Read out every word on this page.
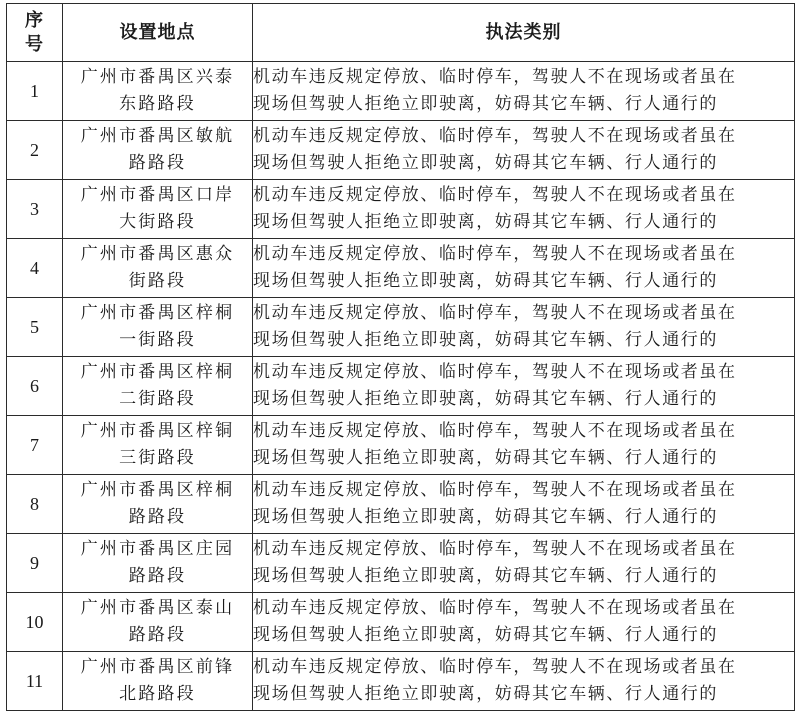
序
号	设置地点	执法类别
1	广州市番禺区兴泰
东路路段	机动车违反规定停放、临时停车，驾驶人不在现场或者虽在
现场但驾驶人拒绝立即驶离，妨碍其它车辆、行人通行的

2	广州市番禺区敏航
路路段	机动车违反规定停放、临时停车，驾驶人不在现场或者虽在
现场但驾驶人拒绝立即驶离，妨碍其它车辆、行人通行的

3	广州市番禺区口岸
大街路段	机动车违反规定停放、临时停车，驾驶人不在现场或者虽在
现场但驾驶人拒绝立即驶离，妨碍其它车辆、行人通行的

4	广州市番禺区惠众
街路段	机动车违反规定停放、临时停车，驾驶人不在现场或者虽在
现场但驾驶人拒绝立即驶离，妨碍其它车辆、行人通行的

5	广州市番禺区梓桐
一街路段	机动车违反规定停放、临时停车，驾驶人不在现场或者虽在
现场但驾驶人拒绝立即驶离，妨碍其它车辆、行人通行的

6	广州市番禺区梓桐
二街路段	机动车违反规定停放、临时停车，驾驶人不在现场或者虽在
现场但驾驶人拒绝立即驶离，妨碍其它车辆、行人通行的

7	广州市番禺区梓铜
三街路段	机动车违反规定停放、临时停车，驾驶人不在现场或者虽在
现场但驾驶人拒绝立即驶离，妨碍其它车辆、行人通行的

8	广州市番禺区梓桐
路路段	机动车违反规定停放、临时停车，驾驶人不在现场或者虽在
现场但驾驶人拒绝立即驶离，妨碍其它车辆、行人通行的

9	广州市番禺区庄园
路路段	机动车违反规定停放、临时停车，驾驶人不在现场或者虽在
现场但驾驶人拒绝立即驶离，妨碍其它车辆、行人通行的

10	广州市番禺区泰山
路路段	机动车违反规定停放、临时停车，驾驶人不在现场或者虽在
现场但驾驶人拒绝立即驶离，妨碍其它车辆、行人通行的

11	广州市番禺区前锋
北路路段	机动车违反规定停放、临时停车，驾驶人不在现场或者虽在
现场但驾驶人拒绝立即驶离，妨碍其它车辆、行人通行的
